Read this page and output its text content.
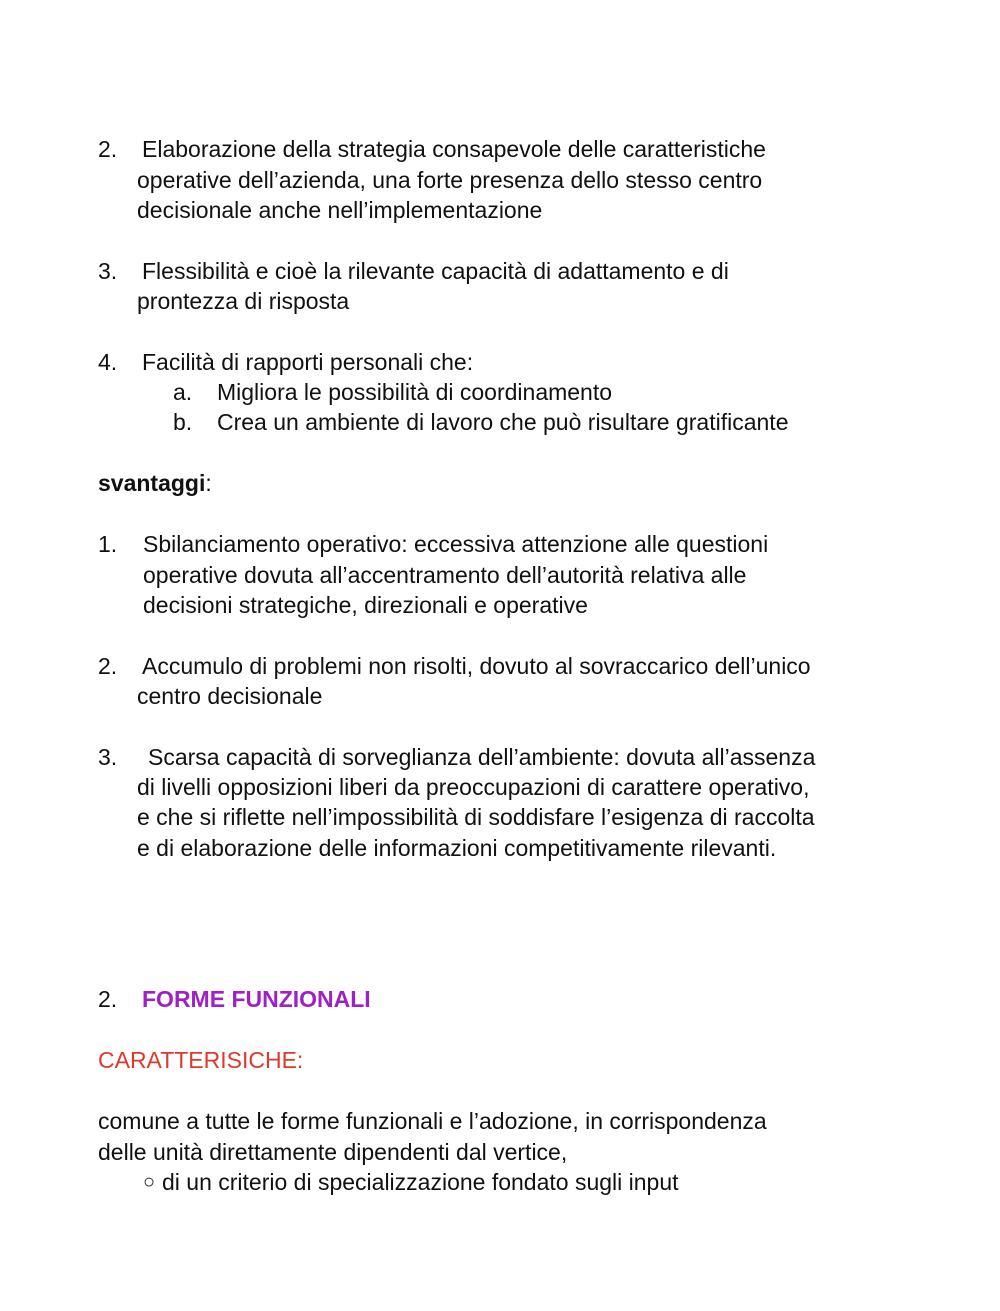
2. Elaborazione della strategia consapevole delle caratteristiche
operative dell’azienda, una forte presenza dello stesso centro
decisionale anche nell’implementazione
3. Flessibilità e cioè la rilevante capacità di adattamento e di
prontezza di risposta
4. Facilità di rapporti personali che:
a. Migliora le possibilità di coordinamento
b. Crea un ambiente di lavoro che può risultare gratificante
svantaggi:
1. Sbilanciamento operativo: eccessiva attenzione alle questioni
operative dovuta all’accentramento dell’autorità relativa alle
decisioni strategiche, direzionali e operative
2. Accumulo di problemi non risolti, dovuto al sovraccarico dell’unico
centro decisionale
3. Scarsa capacità di sorveglianza dell’ambiente: dovuta all’assenza
di livelli opposizioni liberi da preoccupazioni di carattere operativo,
e che si riflette nell’impossibilità di soddisfare l’esigenza di raccolta
e di elaborazione delle informazioni competitivamente rilevanti.
2. FORME FUNZIONALI
CARATTERISICHE:
comune a tutte le forme funzionali e l’adozione, in corrispondenza
delle unità direttamente dipendenti dal vertice,
○ di un criterio di specializzazione fondato sugli input
